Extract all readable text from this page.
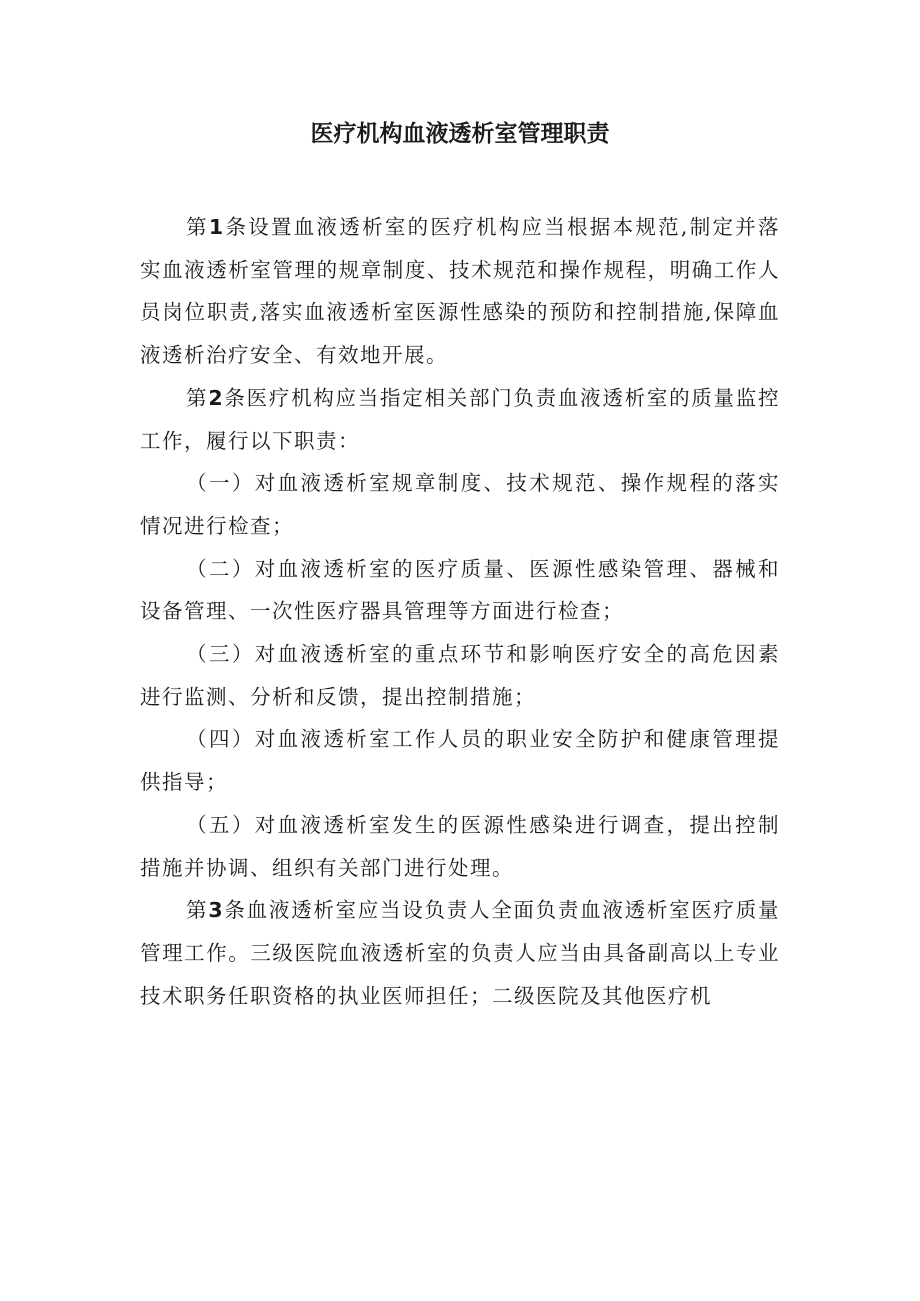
医疗机构血液透析室管理职责

第1条设置血液透析室的医疗机构应当根据本规范,制定并落实血液透析室管理的规章制度、技术规范和操作规程，明确工作人员岗位职责,落实血液透析室医源性感染的预防和控制措施,保障血液透析治疗安全、有效地开展。

第2条医疗机构应当指定相关部门负责血液透析室的质量监控工作，履行以下职责：

（一）对血液透析室规章制度、技术规范、操作规程的落实情况进行检查；

（二）对血液透析室的医疗质量、医源性感染管理、器械和设备管理、一次性医疗器具管理等方面进行检查；

（三）对血液透析室的重点环节和影响医疗安全的高危因素进行监测、分析和反馈，提出控制措施；

（四）对血液透析室工作人员的职业安全防护和健康管理提供指导；

（五）对血液透析室发生的医源性感染进行调查，提出控制措施并协调、组织有关部门进行处理。

第3条血液透析室应当设负责人全面负责血液透析室医疗质量管理工作。三级医院血液透析室的负责人应当由具备副高以上专业技术职务任职资格的执业医师担任；二级医院及其他医疗机
